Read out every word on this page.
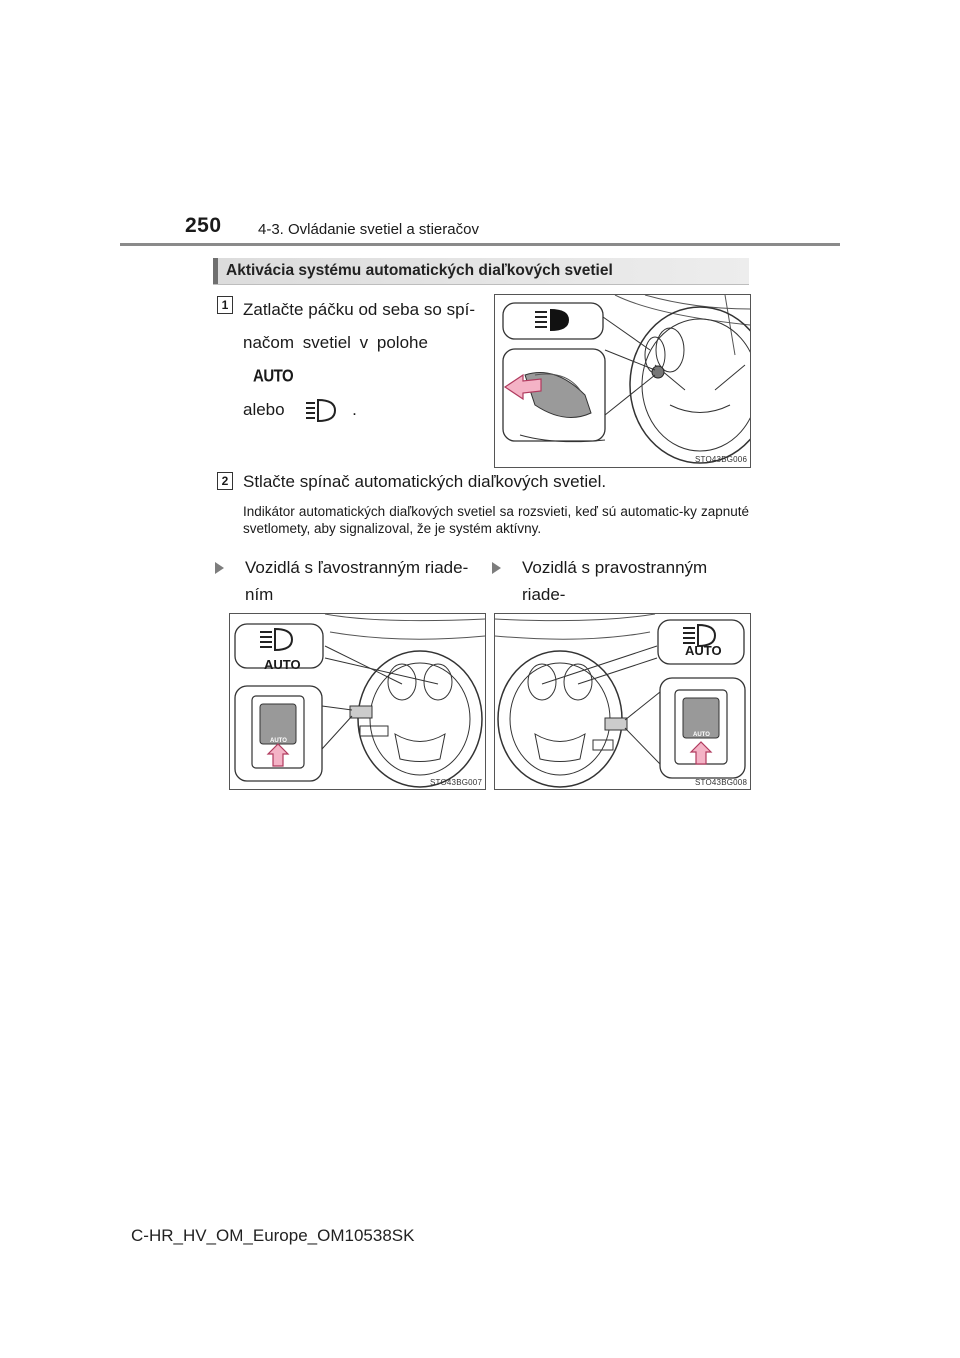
250 4-3. Ovládanie svetiel a stieračov
Aktivácia systému automatických diaľkových svetiel
1 Zatlačte páčku od seba so spí-
načom svetiel v polohe AUTO
alebo	.
STO43BG006
2 Stlačte spínač automatických diaľkových svetiel.
Indikátor automatických diaľkových svetiel sa rozsvieti, keď sú automatic-ky zapnuté svetlomety, aby signalizoval, že je systém aktívny.
Vozidlá s ľavostranným riade-
ním
Vozidlá s pravostranným riade-
AUTO
AUTO
STO43BG007
AUTO
AUTO
STO43BG008
C-HR_HV_OM_Europe_OM10538SK
